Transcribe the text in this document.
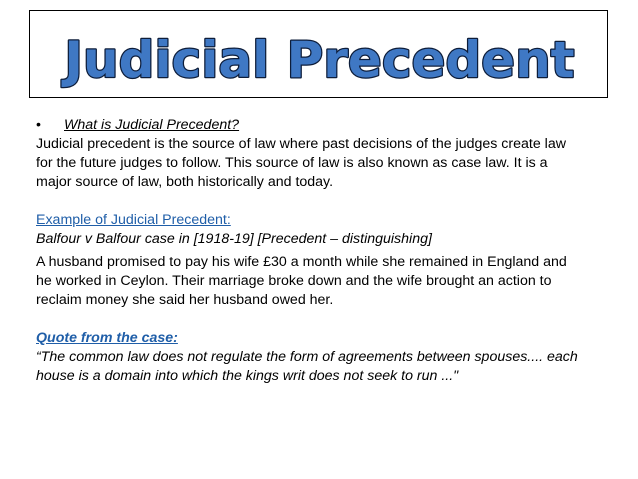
Judicial Precedent
•	What is Judicial Precedent?

Judicial precedent is the source of law where past decisions of the judges create law

for the future judges to follow. This source of law is also known as case law. It is a

major source of law, both historically and today.

Example of Judicial Precedent:

Balfour v Balfour case in [1918-19] [Precedent – distinguishing]

A husband promised to pay his wife £30 a month while she remained in England and

he worked in Ceylon. Their marriage broke down and the wife brought an action to

reclaim money she said her husband owed her.

Quote from the case:

“The common law does not regulate the form of agreements between spouses.... each

house is a domain into which the kings writ does not seek to run ..."
